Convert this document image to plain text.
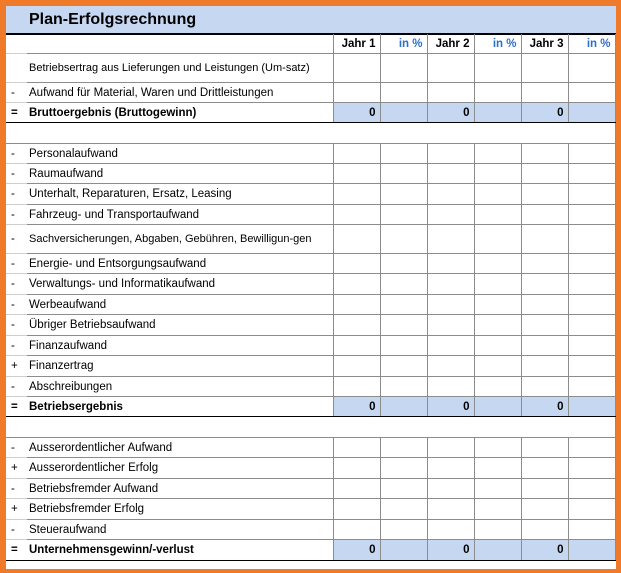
Plan-Erfolgsrechnung
		Jahr 1	in %	Jahr 2	in %	Jahr 3	in %
	Betriebsertrag aus Lieferungen und Leistungen (Um-satz)						
-	Aufwand für Material, Waren und Drittleistungen						
=	Bruttoergebnis (Bruttogewinn)	0		0		0	

-	Personalaufwand						
-	Raumaufwand						
-	Unterhalt, Reparaturen, Ersatz, Leasing						
-	Fahrzeug- und Transportaufwand						
-	Sachversicherungen, Abgaben, Gebühren, Bewilligun-gen						
-	Energie- und Entsorgungsaufwand						
-	Verwaltungs- und Informatikaufwand						
-	Werbeaufwand						
-	Übriger Betriebsaufwand						
-	Finanzaufwand						
+	Finanzertrag						
-	Abschreibungen						
=	Betriebsergebnis	0		0		0	

-	Ausserordentlicher Aufwand						
+	Ausserordentlicher Erfolg						
-	Betriebsfremder Aufwand						
+	Betriebsfremder Erfolg						
-	Steueraufwand						
=	Unternehmensgewinn/-verlust	0		0		0	
